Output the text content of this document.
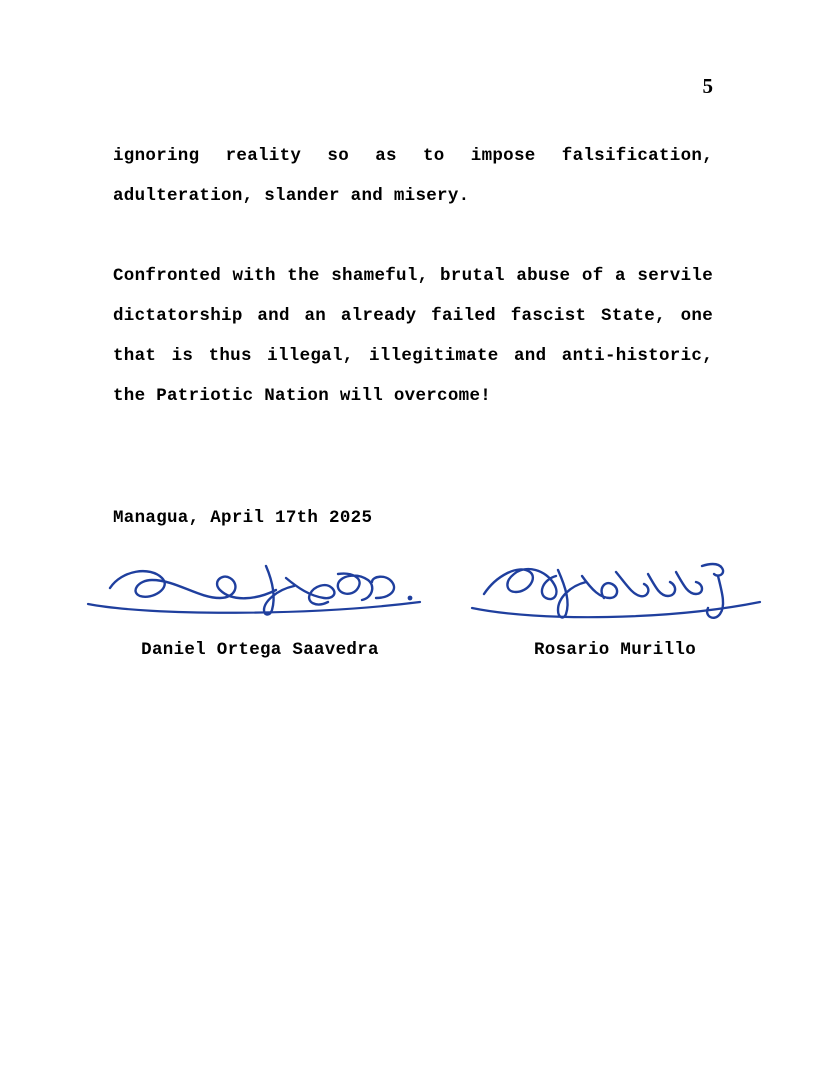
5

ignoring reality so as to impose falsification, adulteration, slander and misery.

Confronted with the shameful, brutal abuse of a servile dictatorship and an already failed fascist State, one that is thus illegal, illegitimate and anti-historic, the Patriotic Nation will overcome!

Managua, April 17th 2025
Daniel Ortega Saavedra	Rosario Murillo
